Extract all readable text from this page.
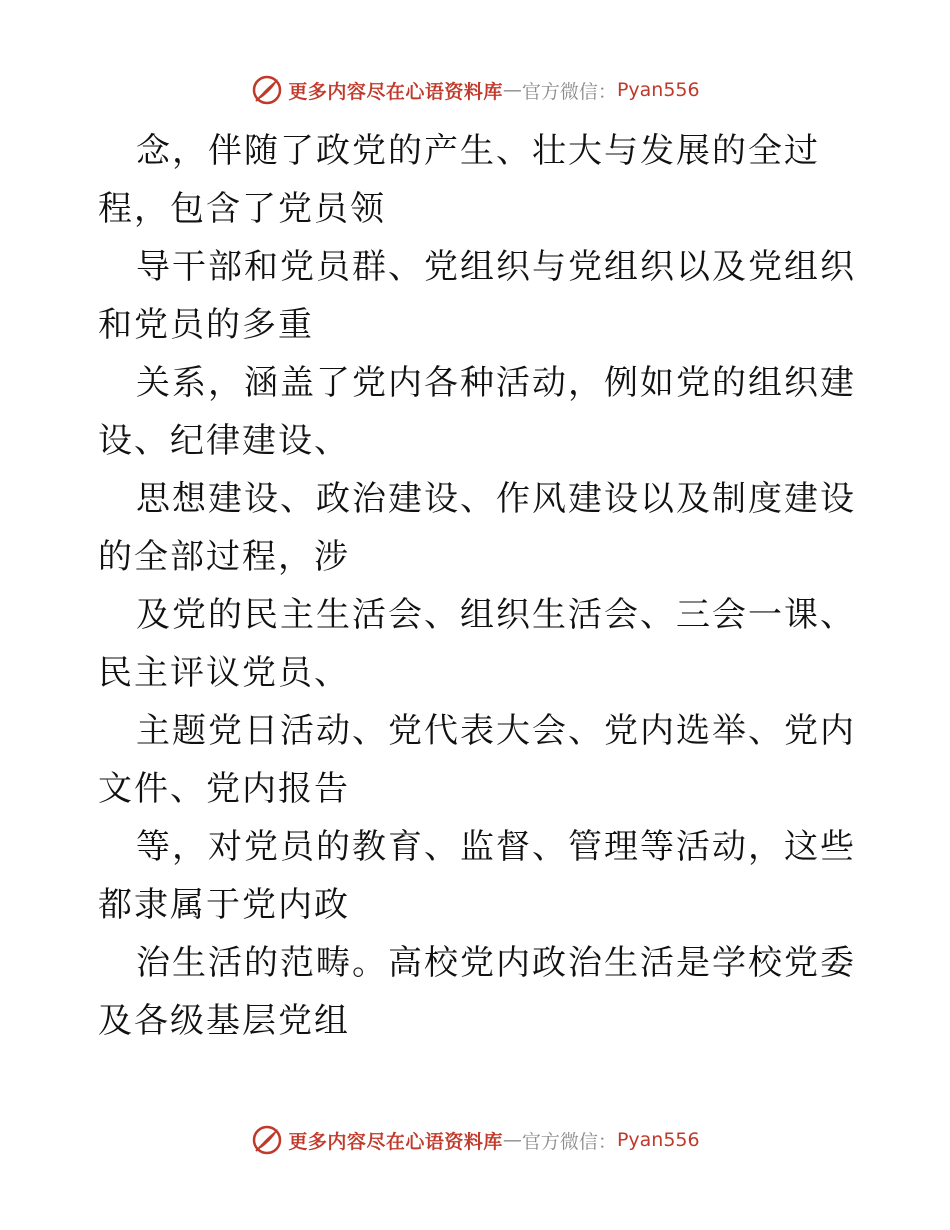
更多内容尽在心语资料库 — 官方微信： Pyan556

念，伴随了政党的产生、壮大与发展的全过程，包含了党员领

导干部和党员群、党组织与党组织以及党组织和党员的多重

关系，涵盖了党内各种活动，例如党的组织建设、纪律建设、

思想建设、政治建设、作风建设以及制度建设的全部过程，涉

及党的民主生活会、组织生活会、三会一课、民主评议党员、

主题党日活动、党代表大会、党内选举、党内文件、党内报告

等，对党员的教育、监督、管理等活动，这些都隶属于党内政

治生活的范畴。高校党内政治生活是学校党委及各级基层党组

更多内容尽在心语资料库 — 官方微信： Pyan556
